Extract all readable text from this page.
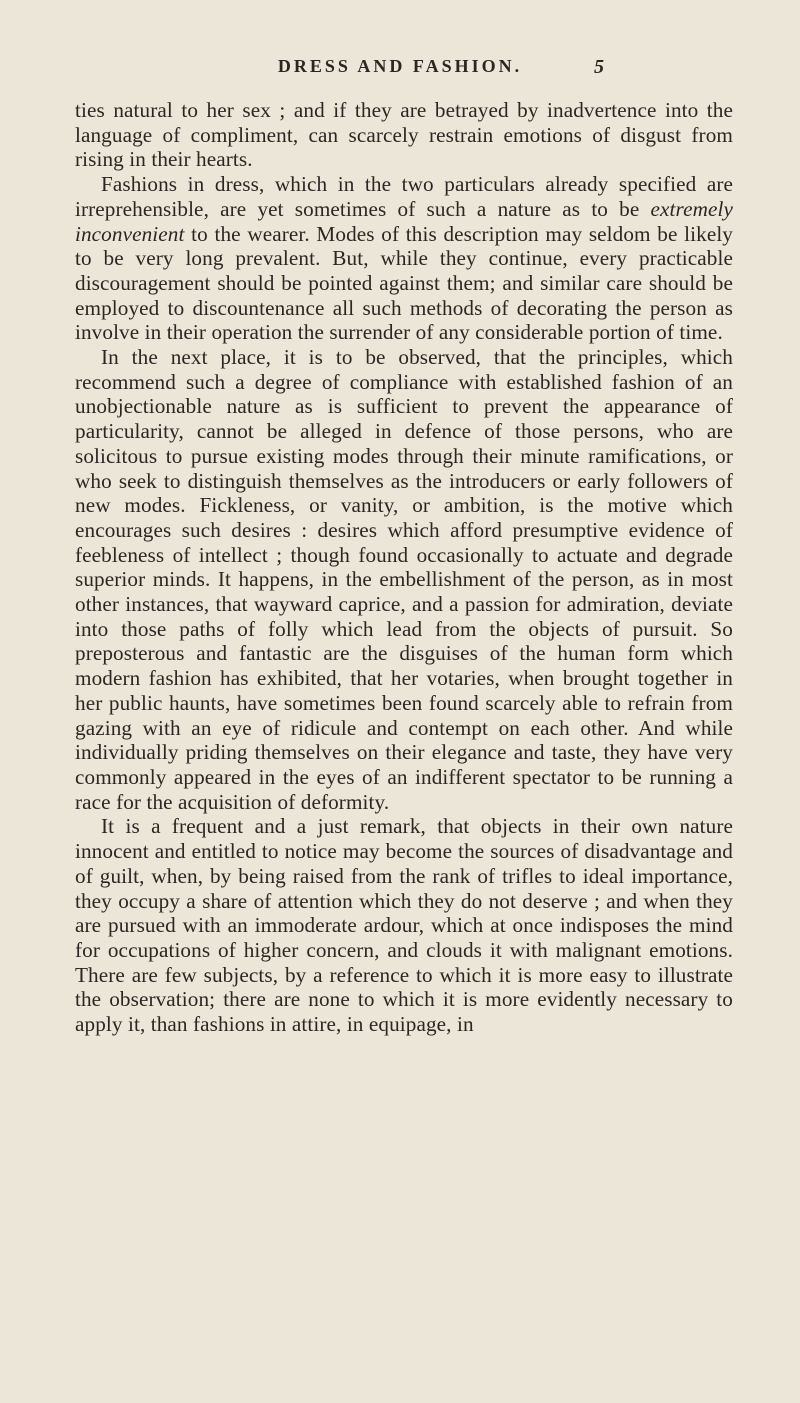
DRESS AND FASHION.	5

ties natural to her sex ; and if they are betrayed by inadvertence into the language of compliment, can scarcely restrain emotions of disgust from rising in their hearts.

Fashions in dress, which in the two particulars already specified are irreprehensible, are yet sometimes of such a nature as to be extremely inconvenient to the wearer. Modes of this description may seldom be likely to be very long prevalent. But, while they continue, every practicable discouragement should be pointed against them; and similar care should be employed to discountenance all such methods of decorating the person as involve in their operation the surrender of any considerable portion of time.

In the next place, it is to be observed, that the principles, which recommend such a degree of compliance with established fashion of an unobjectionable nature as is sufficient to prevent the appearance of particularity, cannot be alleged in defence of those persons, who are solicitous to pursue existing modes through their minute ramifications, or who seek to distinguish themselves as the introducers or early followers of new modes. Fickleness, or vanity, or ambition, is the motive which encourages such desires : desires which afford presumptive evidence of feebleness of intellect ; though found occasionally to actuate and degrade superior minds. It happens, in the embellishment of the person, as in most other instances, that wayward caprice, and a passion for admiration, deviate into those paths of folly which lead from the objects of pursuit. So preposterous and fantastic are the disguises of the human form which modern fashion has exhibited, that her votaries, when brought together in her public haunts, have sometimes been found scarcely able to refrain from gazing with an eye of ridicule and contempt on each other. And while individually priding themselves on their elegance and taste, they have very commonly appeared in the eyes of an indifferent spectator to be running a race for the acquisition of deformity.

It is a frequent and a just remark, that objects in their own nature innocent and entitled to notice may become the sources of disadvantage and of guilt, when, by being raised from the rank of trifles to ideal importance, they occupy a share of attention which they do not deserve ; and when they are pursued with an immoderate ardour, which at once indisposes the mind for occupations of higher concern, and clouds it with malignant emotions. There are few subjects, by a reference to which it is more easy to illustrate the observation; there are none to which it is more evidently necessary to apply it, than fashions in attire, in equipage, in
